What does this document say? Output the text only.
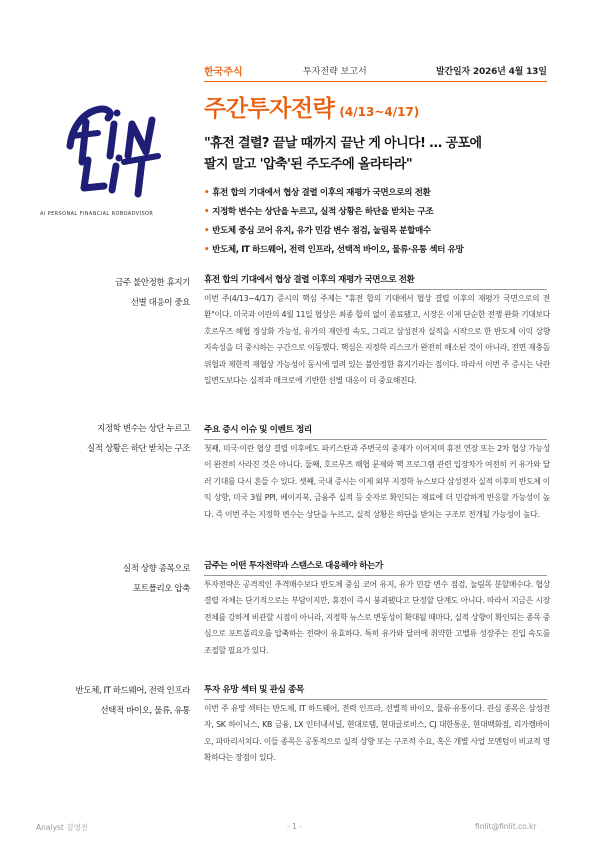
한국주식	투자전략 보고서	발간일자 2026년 4월 13일
AI PERSONAL FINANCIAL ROBOADVISOR
주간투자전략 (4/13~4/17)
"휴전 결렬? 끝날 때까지 끝난 게 아니다! … 공포에
팔지 말고 '압축'된 주도주에 올라타라"
• 휴전 합의 기대에서 협상 결렬 이후의 재평가 국면으로의 전환
• 지정학 변수는 상단을 누르고, 실적 상황은 하단을 받치는 구조
• 반도체 중심 코어 유지, 유가 민감 변수 점검, 눌림목 분할매수
• 반도체, IT 하드웨어, 전력 인프라, 선택적 바이오, 물류·유통 섹터 유망
금주 불안정한 휴지기
선별 대응이 중요
휴전 합의 기대에서 협상 결렬 이후의 재평가 국면으로 전환
이번 주(4/13~4/17) 증시의 핵심 주제는 "휴전 합의 기대에서 협상 결렬 이후의 재평가 국면으로의 전환"이다. 미국과 이란의 4월 11일 협상은 최종 합의 없이 종료됐고, 시장은 이제 단순한 전쟁 완화 기대보다 호르무즈 해협 정상화 가능성, 유가의 재안정 속도, 그리고 삼성전자 실적을 시작으로 한 반도체 이익 상향 지속성을 더 중시하는 구간으로 이동했다. 핵심은 지정학 리스크가 완전히 해소된 것이 아니라, 전면 재충돌 위협과 제한적 재협상 가능성이 동시에 열려 있는 불안정한 휴지기라는 점이다. 따라서 이번 주 증시는 낙관 일변도보다는 실적과 매크로에 기반한 선별 대응이 더 중요해진다.
지정학 변수는 상단 누르고
실적 상황은 하단 받치는 구조
주요 증시 이슈 및 이벤트 정리
첫째, 미국·이란 협상 결렬 이후에도 파키스탄과 주변국의 중재가 이어지며 휴전 연장 또는 2차 협상 가능성이 완전히 사라진 것은 아니다. 둘째, 호르무즈 해협 문제와 핵 프로그램 관련 입장차가 여전히 커 유가와 달러 기대를 다시 흔들 수 있다. 셋째, 국내 증시는 이제 외부 지정학 뉴스보다 삼성전자 실적 이후의 반도체 이익 상향, 미국 3월 PPI, 베이지북, 금융주 실적 등 숫자로 확인되는 재료에 더 민감하게 반응할 가능성이 높다. 즉 이번 주는 지정학 변수는 상단을 누르고, 실적 상황은 하단을 받치는 구조로 전개될 가능성이 높다.
실적 상향 종목으로
포트폴리오 압축
금주는 어떤 투자전략과 스탠스로 대응해야 하는가
투자전략은 공격적인 추격매수보다 반도체 중심 코어 유지, 유가 민감 변수 점검, 눌림목 분할매수다. 협상 결렬 자체는 단기적으로는 부담이지만, 휴전이 즉시 붕괴됐다고 단정할 단계도 아니다. 따라서 지금은 시장 전체를 강하게 비관할 시점이 아니라, 지정학 뉴스로 변동성이 확대될 때마다, 실적 상향이 확인되는 종목 중심으로 포트폴리오를 압축하는 전략이 유효하다. 특히 유가와 달러에 취약한 고밸류 성장주는 진입 속도를 조절할 필요가 있다.
반도체, IT 하드웨어, 전력 인프라
선택적 바이오, 물류, 유통
투자 유망 섹터 및 관심 종목
이번 주 유망 섹터는 반도체, IT 하드웨어, 전력 인프라, 선별적 바이오, 물류·유통이다. 관심 종목은 삼성전자, SK 하이닉스, KB 금융, LX 인터내셔널, 현대로템, 현대글로비스, CJ 대한통운, 현대백화점, 리가켐바이오, 파마리서치다. 이들 종목은 공통적으로 실적 상향 또는 구조적 수요, 혹은 개별 사업 모멘텀이 비교적 명확하다는 장점이 있다.
Analyst 김영진	- 1 -	finlit@finlit.co.kr
